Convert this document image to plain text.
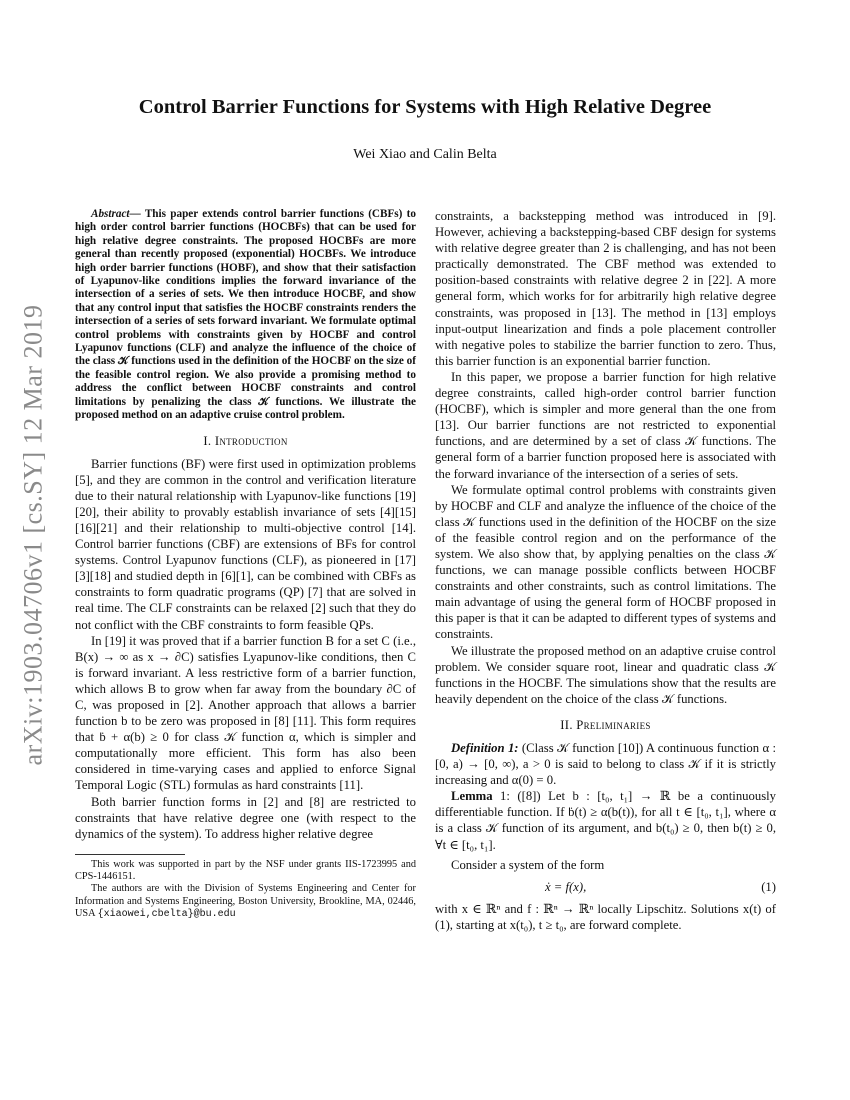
arXiv:1903.04706v1 [cs.SY] 12 Mar 2019
Control Barrier Functions for Systems with High Relative Degree
Wei Xiao and Calin Belta

Abstract— This paper extends control barrier functions (CBFs) to high order control barrier functions (HOCBFs) that can be used for high relative degree constraints. The proposed HOCBFs are more general than recently proposed (exponential) HOCBFs. We introduce high order barrier functions (HOBF), and show that their satisfaction of Lyapunov-like conditions implies the forward invariance of the intersection of a series of sets. We then introduce HOCBF, and show that any control input that satisfies the HOCBF constraints renders the intersection of a series of sets forward invariant. We formulate optimal control problems with constraints given by HOCBF and control Lyapunov functions (CLF) and analyze the influence of the choice of the class 𝒦 functions used in the definition of the HOCBF on the size of the feasible control region. We also provide a promising method to address the conflict between HOCBF constraints and control limitations by penalizing the class 𝒦 functions. We illustrate the proposed method on an adaptive cruise control problem.

I. Introduction

Barrier functions (BF) were first used in optimization problems [5], and they are common in the control and verification literature due to their natural relationship with Lyapunov-like functions [19][20], their ability to provably establish invariance of sets [4][15][16][21] and their relationship to multi-objective control [14]. Control barrier functions (CBF) are extensions of BFs for control systems. Control Lyapunov functions (CLF), as pioneered in [17][3][18] and studied depth in [6][1], can be combined with CBFs as constraints to form quadratic programs (QP) [7] that are solved in real time. The CLF constraints can be relaxed [2] such that they do not conflict with the CBF constraints to form feasible QPs.

In [19] it was proved that if a barrier function B for a set C (i.e., B(x) → ∞ as x → ∂C) satisfies Lyapunov-like conditions, then C is forward invariant. A less restrictive form of a barrier function, which allows B to grow when far away from the boundary ∂C of C, was proposed in [2]. Another approach that allows a barrier function b to be zero was proposed in [8] [11]. This form requires that ḃ + α(b) ≥ 0 for class 𝒦 function α, which is simpler and computationally more efficient. This form has also been considered in time-varying cases and applied to enforce Signal Temporal Logic (STL) formulas as hard constraints [11].

Both barrier function forms in [2] and [8] are restricted to constraints that have relative degree one (with respect to the dynamics of the system). To address higher relative degree

This work was supported in part by the NSF under grants IIS-1723995 and CPS-1446151.

The authors are with the Division of Systems Engineering and Center for Information and Systems Engineering, Boston University, Brookline, MA, 02446, USA {xiaowei,cbelta}@bu.edu

constraints, a backstepping method was introduced in [9]. However, achieving a backstepping-based CBF design for systems with relative degree greater than 2 is challenging, and has not been practically demonstrated. The CBF method was extended to position-based constraints with relative degree 2 in [22]. A more general form, which works for for arbitrarily high relative degree constraints, was proposed in [13]. The method in [13] employs input-output linearization and finds a pole placement controller with negative poles to stabilize the barrier function to zero. Thus, this barrier function is an exponential barrier function.

In this paper, we propose a barrier function for high relative degree constraints, called high-order control barrier function (HOCBF), which is simpler and more general than the one from [13]. Our barrier functions are not restricted to exponential functions, and are determined by a set of class 𝒦 functions. The general form of a barrier function proposed here is associated with the forward invariance of the intersection of a series of sets.

We formulate optimal control problems with constraints given by HOCBF and CLF and analyze the influence of the choice of the class 𝒦 functions used in the definition of the HOCBF on the size of the feasible control region and on the performance of the system. We also show that, by applying penalties on the class 𝒦 functions, we can manage possible conflicts between HOCBF constraints and other constraints, such as control limitations. The main advantage of using the general form of HOCBF proposed in this paper is that it can be adapted to different types of systems and constraints.

We illustrate the proposed method on an adaptive cruise control problem. We consider square root, linear and quadratic class 𝒦 functions in the HOCBF. The simulations show that the results are heavily dependent on the choice of the class 𝒦 functions.

II. Preliminaries

Definition 1: (Class 𝒦 function [10]) A continuous function α : [0, a) → [0, ∞), a > 0 is said to belong to class 𝒦 if it is strictly increasing and α(0) = 0.

Lemma 1: ([8]) Let b : [t₀, t₁] → ℝ be a continuously differentiable function. If ḃ(t) ≥ α(b(t)), for all t ∈ [t₀, t₁], where α is a class 𝒦 function of its argument, and b(t₀) ≥ 0, then b(t) ≥ 0, ∀t ∈ [t₀, t₁].

Consider a system of the form

ẋ = f(x),	(1)

with x ∈ ℝⁿ and f : ℝⁿ → ℝⁿ locally Lipschitz. Solutions x(t) of (1), starting at x(t₀), t ≥ t₀, are forward complete.
